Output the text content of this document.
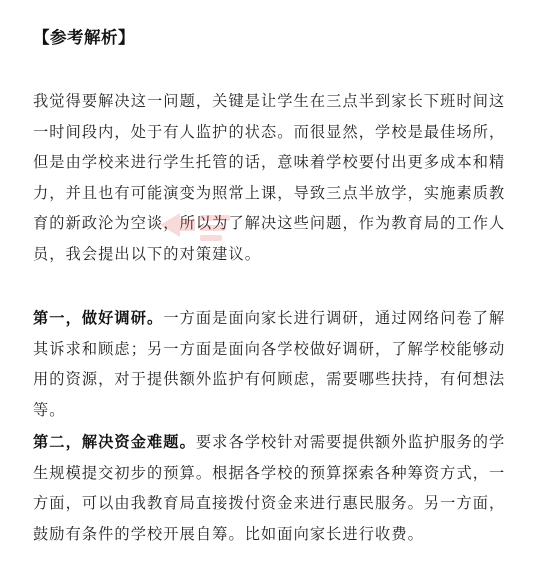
【参考解析】

我觉得要解决这一问题，关键是让学生在三点半到家长下班时间这一时间段内，处于有人监护的状态。而很显然，学校是最佳场所，但是由学校来进行学生托管的话，意味着学校要付出更多成本和精力，并且也有可能演变为照常上课，导致三点半放学，实施素质教育的新政沦为空谈，所以为了解决这些问题，作为教育局的工作人员，我会提出以下的对策建议。

第一，做好调研。一方面是面向家长进行调研，通过网络问卷了解其诉求和顾虑；另一方面是面向各学校做好调研，了解学校能够动用的资源，对于提供额外监护有何顾虑，需要哪些扶持，有何想法等。

第二，解决资金难题。要求各学校针对需要提供额外监护服务的学生规模提交初步的预算。根据各学校的预算探索各种筹资方式，一方面，可以由我教育局直接拨付资金来进行惠民服务。另一方面，鼓励有条件的学校开展自筹。比如面向家长进行收费。
